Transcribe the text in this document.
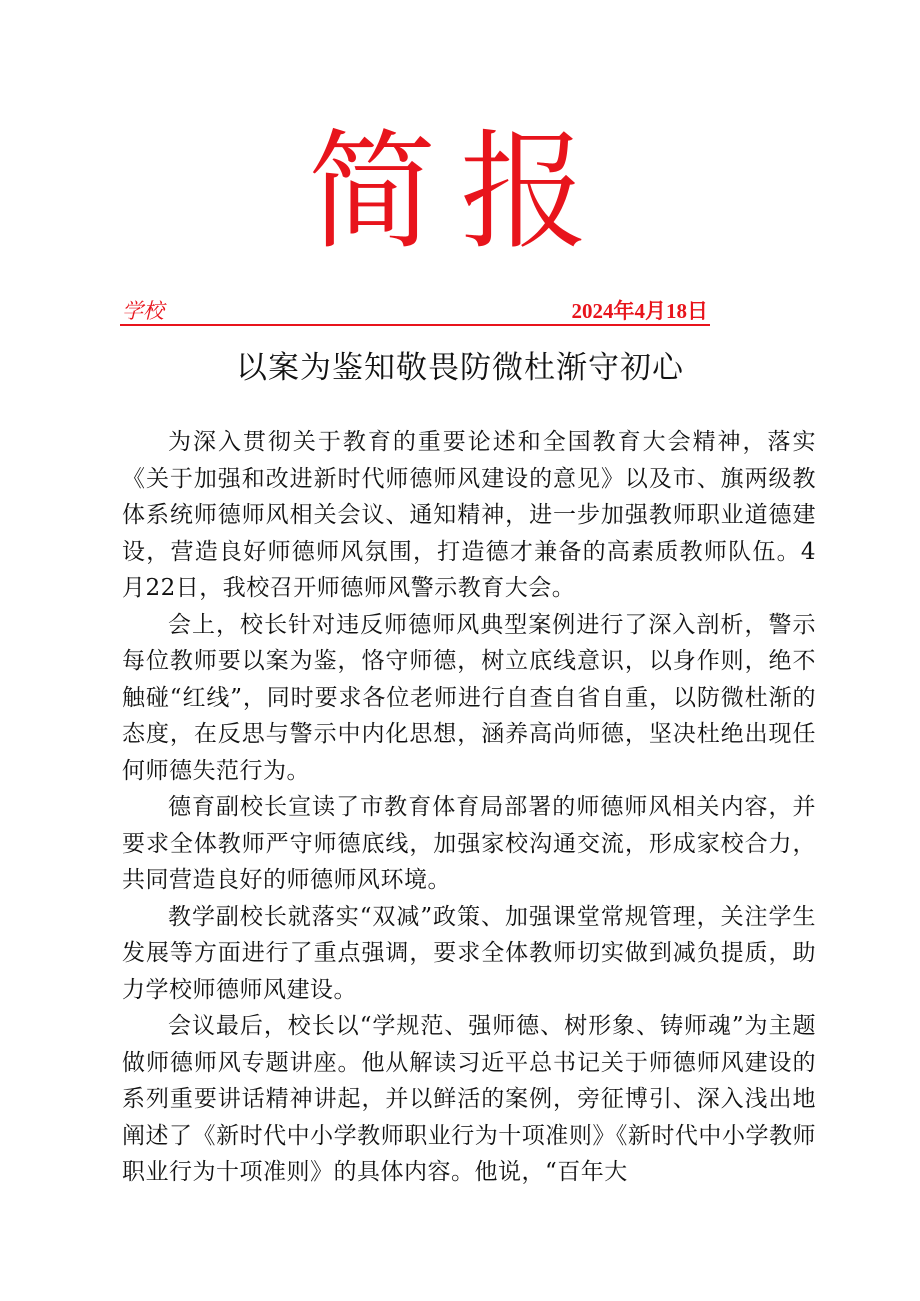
简报
学校	2024年4月18日
以案为鉴知敬畏防微杜渐守初心

为深入贯彻关于教育的重要论述和全国教育大会精神，落实《关于加强和改进新时代师德师风建设的意见》以及市、旗两级教体系统师德师风相关会议、通知精神，进一步加强教师职业道德建设，营造良好师德师风氛围，打造德才兼备的高素质教师队伍。4月22日，我校召开师德师风警示教育大会。

会上，校长针对违反师德师风典型案例进行了深入剖析，警示每位教师要以案为鉴，恪守师德，树立底线意识，以身作则，绝不触碰“红线”，同时要求各位老师进行自查自省自重，以防微杜渐的态度，在反思与警示中内化思想，涵养高尚师德，坚决杜绝出现任何师德失范行为。

德育副校长宣读了市教育体育局部署的师德师风相关内容，并要求全体教师严守师德底线，加强家校沟通交流，形成家校合力，共同营造良好的师德师风环境。

教学副校长就落实“双减”政策、加强课堂常规管理，关注学生发展等方面进行了重点强调，要求全体教师切实做到减负提质，助力学校师德师风建设。

会议最后，校长以“学规范、强师德、树形象、铸师魂”为主题做师德师风专题讲座。他从解读习近平总书记关于师德师风建设的系列重要讲话精神讲起，并以鲜活的案例，旁征博引、深入浅出地阐述了《新时代中小学教师职业行为十项准则》《新时代中小学教师职业行为十项准则》的具体内容。他说，“百年大
